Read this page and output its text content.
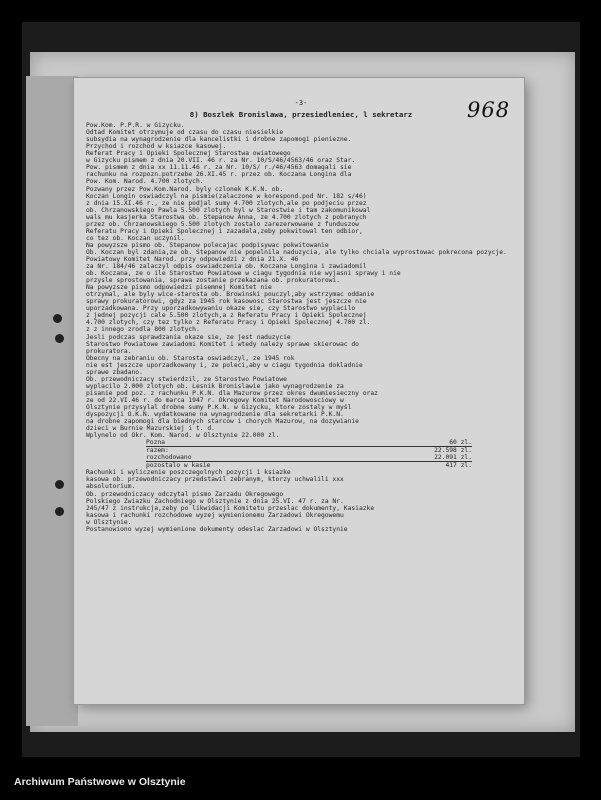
968

-3-

8) Boszlek Bronislawa, przesiedleniec, l sekretarz

Pow.Kom. P.P.R. w Gizycku.

Odtad Komitet otrzymuje od czasu do czasu niesielkie

subsydia na wynagrodzenie dla kancelistki i drobne zapomogi pieniezne.

Przychod i rozchod w ksiazce kasowej.

Referat Pracy i Opieki Spolecznej Starostwa owiatowego

w Gizycku pismem z dnia 20.VII. 46 r. za Nr. 10/S/46/4563/46 oraz Star.

Pow. pismem z dnia xx 11.11.46 r. za Nr. 10/S/ r./46/4563 domagali sie

rachunku na rozpozn.potrzebe 26.XI.45 r. przez ob. Koczana Longina dla

Pow. Kom. Narod. 4.700 zlotych.

Pozwany przez Pow.Kom.Narod. byly czlonek K.K.N. ob.

Koczan Longin oswiadczyl na pismie(zalaczone w korespond.pod Nr. 182 s/46)

z dnia 15.XI.46 r., ze nie podjal sumy 4.700 zlotych,ale po podjeciu przez

ob. Chrzanowskiego Pawla 5.500 zlotych byl w Starostwie i tam zakomunikowal

wals mu kasjerka Starostwa ob. Stepanow Anna, ze 4.700 zlotych z pobranych

przez ob. Chrzanowskiego 5.500 zlotych zostalo zarezerwowane z funduszow

Referatu Pracy i Opieki Spolecznej i zazadala,zeby pokwitowal ten odbior,

co tez ob. Koczan uczynil.

Na powyzsze pismo ob. Stepanow polecajac podpisywac pokwitowanie

Ob. Koczan byl zdania,ze ob. Stepanow nie popelnila naduzycia, ale tylko chciala wyprostowac pokrecona pozycje.

Powiatowy Komitet Narod. przy odpowiedzi z dnia 21.X. 46

za Nr. 184/46 zalaczyl odpis oswiadczenia ob. Koczana Longina i zawiadomil

ob. Koczana, ze o ile Starostwo Powiatowe w ciagu tygodnia nie wyjasni sprawy i nie

przysle sprostowania, sprawa zostanie przekazana ob. prokuratorowi.

Na powyzsze pismo odpowiedzi pisemnej Komitet nie

otrzymal, ale byly wice-starosta ob. Browinski pouczyl,aby wstrzymac oddanie

sprawy prokuratorowi, gdyz za 1945 rok kasowosc Starostwa jest jeszcze nie

uporzadkowana. Przy uporzadkowywaniu okaze sie, czy Starostwo wyplacilo

z jednej pozycji cale 5.500 zlotych,a z Referatu Pracy i Opieki Spolecznej

4.700 zlotych, czy tez tylko z Referatu Pracy i Opieki Spolecznej 4.700 zl.

z z innego zrodla 800 zlotych.

Jesli podczas sprawdzania okaze sie, ze jest naduzycie

Starostwo Powiatowe zawiadomi Komitet i wtedy nalezy sprawe skierowac do

prokuratora.

Obecny na zebraniu ob. Starosta oswiadczyl, ze 1945 rok

nie est jeszcze uporzadkowany i, ze poleci,aby w ciagu tygodnia dokladnie

sprawe zbadano.

Ob. przewodniczacy stwierdzil, ze Starostwo Powiatowe

wyplacilo 2.000 zlotych ob. Lesnik Bronislawie jako wynagrodzenie za

pisanie pod poz. z rachunku P.K.N. dla Mazurow przez okres dwumiesieczny oraz

ze od 22.VI.46 r. do marca 1947 r. Okregowy Komitet Narodowosciowy w

Olsztynie przysylal drobne sumy P.K.N. w Gizycku, ktore zostaly w myśl

dyspozycji O.K.N. wydatkowane na wynagrodzenie dla sekretarki P.K.N.

na drobne zapomogi dla biednych starcow i chorych Mazurow, na dozywianie

dzieci w Burnie Mazurskiej i t. d.

Wplynelo od Okr. Kom. Narod. w Olsztynie 22.000 zl.

Pozna	60 zl.
razem:	22.598 zl.
rozchodowano	22.091 zl.
pozostalo w kasie	417 zl.

Rachunki i wyliczenie poszczegolnych pozycji i ksiazke

kasowa ob. przewodniczacy przedstawil zebranym, ktorzy uchwalili xxx

absolutorium.

Ob. przewodniczacy odczytal pismo Zarzadu Okregowego

Polskiego Zwiazku Zachodniego w Olsztynie z dnia 25.VI. 47 r. za Nr.

245/47 z instrukcja,zeby po likwidacji Komitetu przeslac dokumenty, Kasiazke

kasowa i rachunki rozchodowe wyzej wymienionemu Zarzadowi Okregowemu

w Olsztynie.

Postanowiono wyzej wymienione dokumenty odeslac Zarzadowi w Olsztynie

Archiwum Państwowe w Olsztynie
